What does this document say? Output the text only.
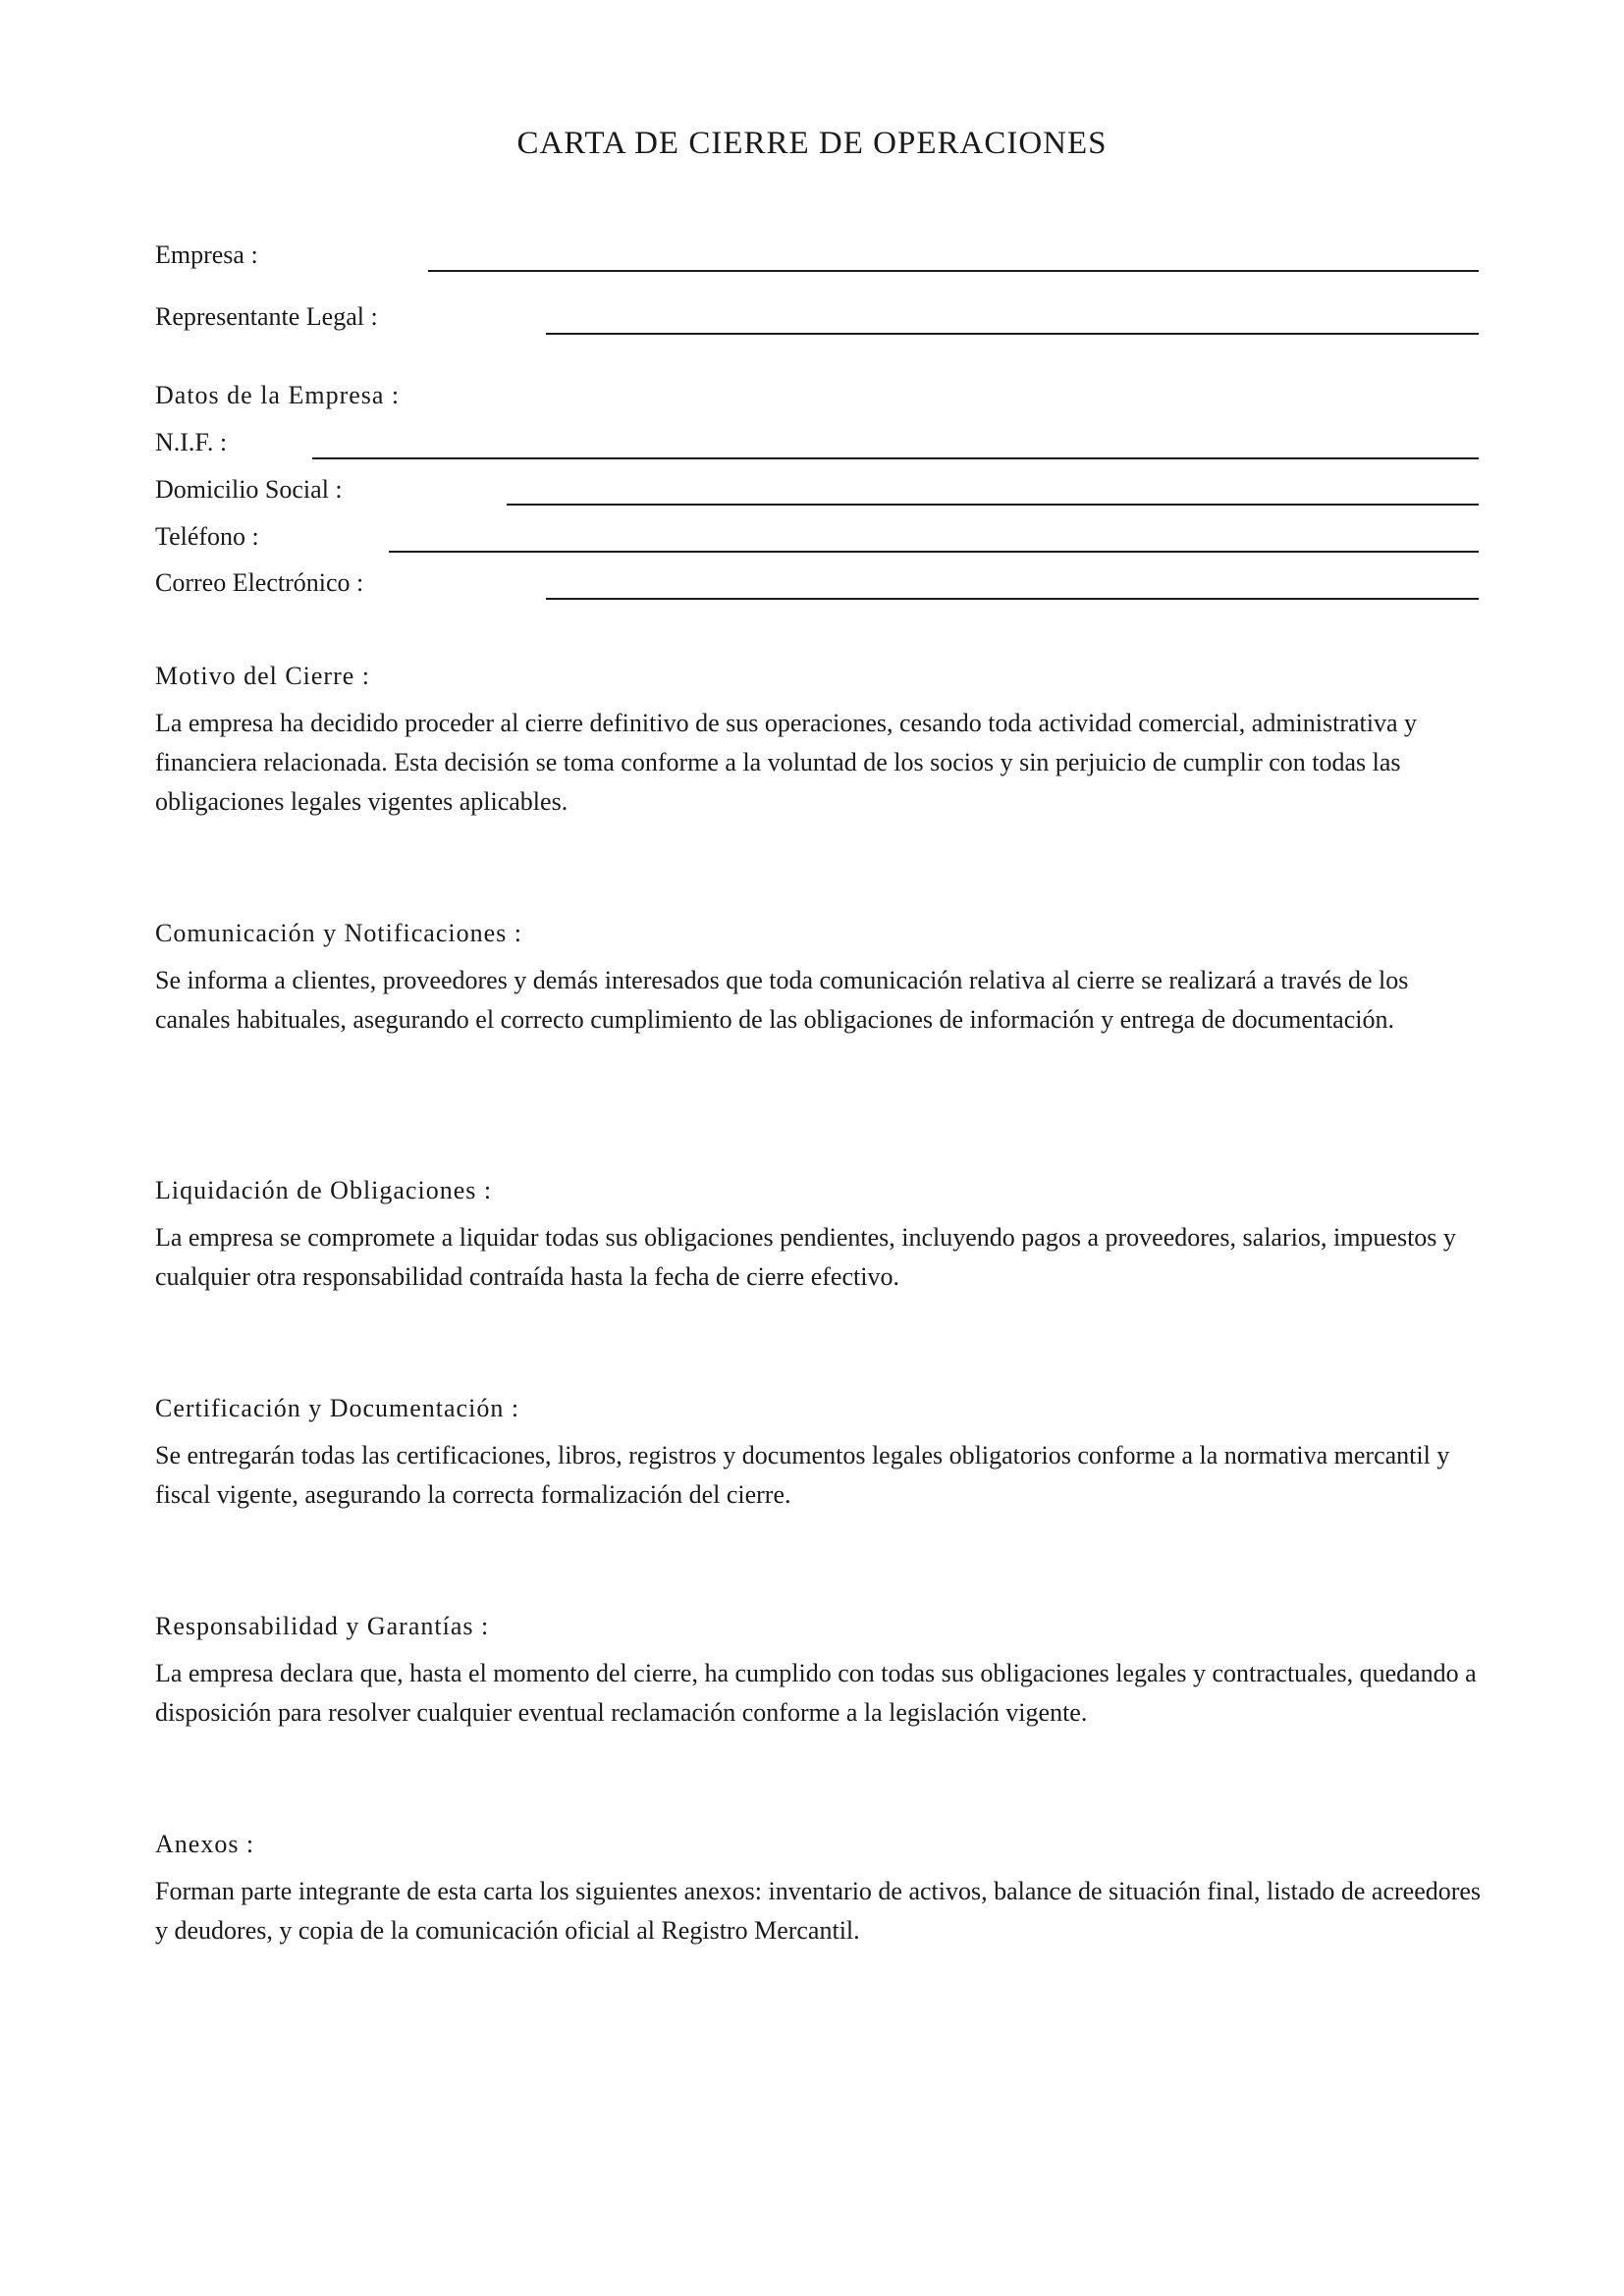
CARTA DE CIERRE DE OPERACIONES
Empresa :
Representante Legal :
Datos de la Empresa :
N.I.F. :
Domicilio Social :
Teléfono :
Correo Electrónico :
Motivo del Cierre :
La empresa ha decidido proceder al cierre definitivo de sus operaciones, cesando toda actividad comercial, administrativa y financiera relacionada. Esta decisión se toma conforme a la voluntad de los socios y sin perjuicio de cumplir con todas las obligaciones legales vigentes aplicables.
Comunicación y Notificaciones :
Se informa a clientes, proveedores y demás interesados que toda comunicación relativa al cierre se realizará a través de los canales habituales, asegurando el correcto cumplimiento de las obligaciones de información y entrega de documentación.
Liquidación de Obligaciones :
La empresa se compromete a liquidar todas sus obligaciones pendientes, incluyendo pagos a proveedores, salarios, impuestos y cualquier otra responsabilidad contraída hasta la fecha de cierre efectivo.
Certificación y Documentación :
Se entregarán todas las certificaciones, libros, registros y documentos legales obligatorios conforme a la normativa mercantil y fiscal vigente, asegurando la correcta formalización del cierre.
Responsabilidad y Garantías :
La empresa declara que, hasta el momento del cierre, ha cumplido con todas sus obligaciones legales y contractuales, quedando a disposición para resolver cualquier eventual reclamación conforme a la legislación vigente.
Anexos :
Forman parte integrante de esta carta los siguientes anexos: inventario de activos, balance de situación final, listado de acreedores y deudores, y copia de la comunicación oficial al Registro Mercantil.
